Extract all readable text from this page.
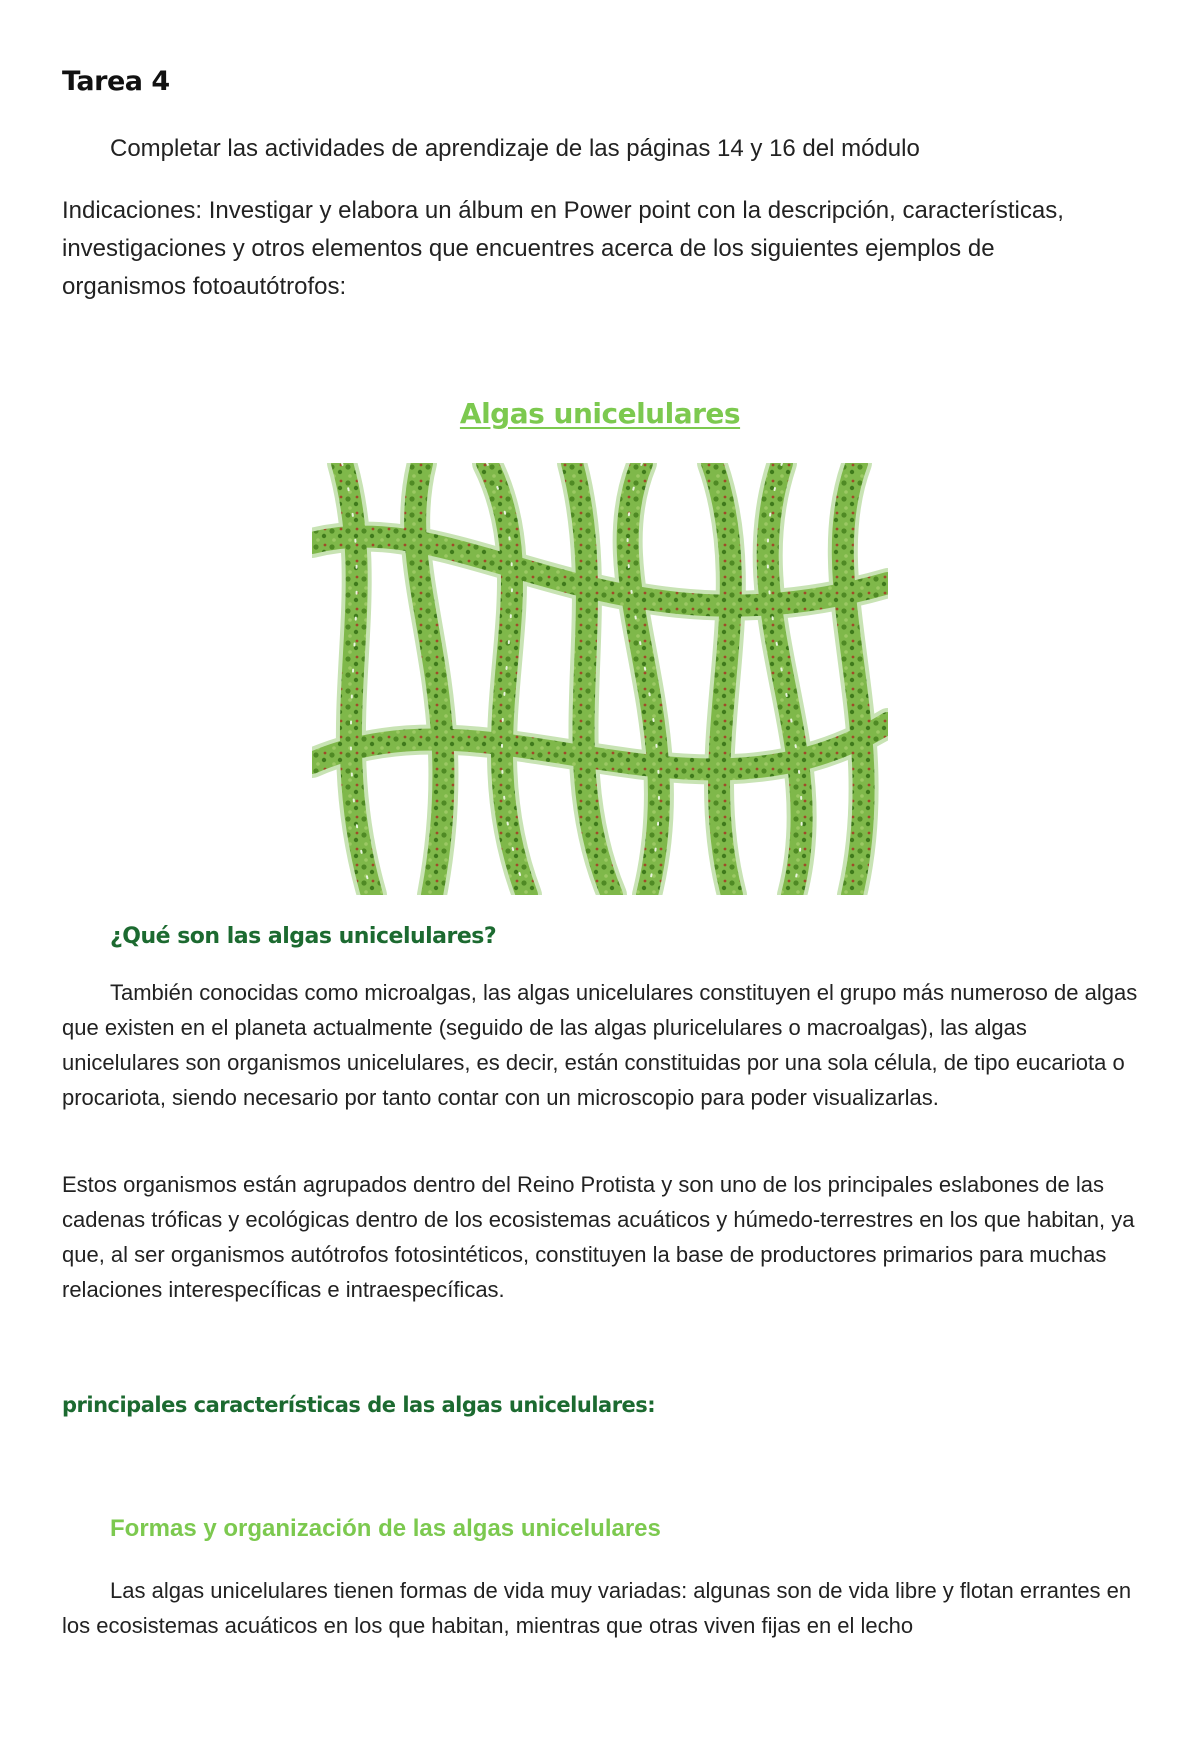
Tarea 4

Completar las actividades de aprendizaje de las páginas 14 y 16 del módulo

Indicaciones: Investigar y elabora un álbum en Power point con la descripción, características, investigaciones y otros elementos que encuentres acerca de los siguientes ejemplos de organismos fotoautótrofos:

Algas unicelulares
¿Qué son las algas unicelulares?

También conocidas como microalgas, las algas unicelulares constituyen el grupo más numeroso de algas que existen en el planeta actualmente (seguido de las algas pluricelulares o macroalgas), las algas unicelulares son organismos unicelulares, es decir, están constituidas por una sola célula, de tipo eucariota o procariota, siendo necesario por tanto contar con un microscopio para poder visualizarlas.

Estos organismos están agrupados dentro del Reino Protista y son uno de los principales eslabones de las cadenas tróficas y ecológicas dentro de los ecosistemas acuáticos y húmedo-terrestres en los que habitan, ya que, al ser organismos autótrofos fotosintéticos, constituyen la base de productores primarios para muchas relaciones interespecíficas e intraespecíficas.

principales características de las algas unicelulares:
Formas y organización de las algas unicelulares

Las algas unicelulares tienen formas de vida muy variadas: algunas son de vida libre y flotan errantes en los ecosistemas acuáticos en los que habitan, mientras que otras viven fijas en el lecho
